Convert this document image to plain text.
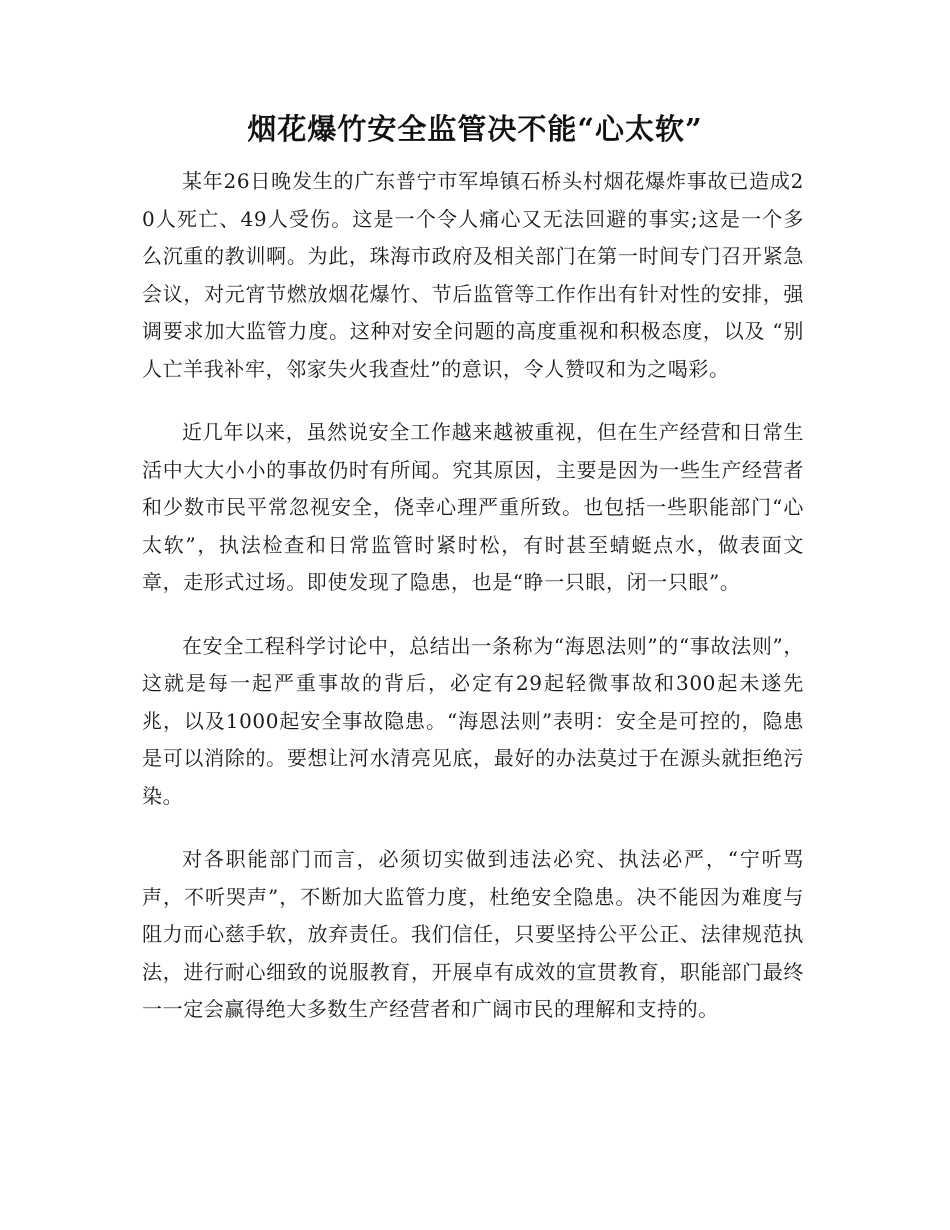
烟花爆竹安全监管决不能“心太软”

某年26日晚发生的广东普宁市军埠镇石桥头村烟花爆炸事故已造成20人死亡、49人受伤。这是一个令人痛心又无法回避的事实;这是一个多么沉重的教训啊。为此，珠海市政府及相关部门在第一时间专门召开紧急会议，对元宵节燃放烟花爆竹、节后监管等工作作出有针对性的安排，强调要求加大监管力度。这种对安全问题的高度重视和积极态度，以及 “别人亡羊我补牢，邻家失火我查灶”的意识，令人赞叹和为之喝彩。

近几年以来，虽然说安全工作越来越被重视，但在生产经营和日常生活中大大小小的事故仍时有所闻。究其原因，主要是因为一些生产经营者和少数市民平常忽视安全，侥幸心理严重所致。也包括一些职能部门“心太软”，执法检查和日常监管时紧时松，有时甚至蜻蜓点水，做表面文章，走形式过场。即使发现了隐患，也是“睁一只眼，闭一只眼”。

在安全工程科学讨论中，总结出一条称为“海恩法则”的“事故法则”，这就是每一起严重事故的背后，必定有29起轻微事故和300起未遂先兆，以及1000起安全事故隐患。“海恩法则”表明：安全是可控的，隐患是可以消除的。要想让河水清亮见底，最好的办法莫过于在源头就拒绝污染。

对各职能部门而言，必须切实做到违法必究、执法必严，“宁听骂声，不听哭声”，不断加大监管力度，杜绝安全隐患。决不能因为难度与阻力而心慈手软，放弃责任。我们信任，只要坚持公平公正、法律规范执法，进行耐心细致的说服教育，开展卓有成效的宣贯教育，职能部门最终一一定会赢得绝大多数生产经营者和广阔市民的理解和支持的。
